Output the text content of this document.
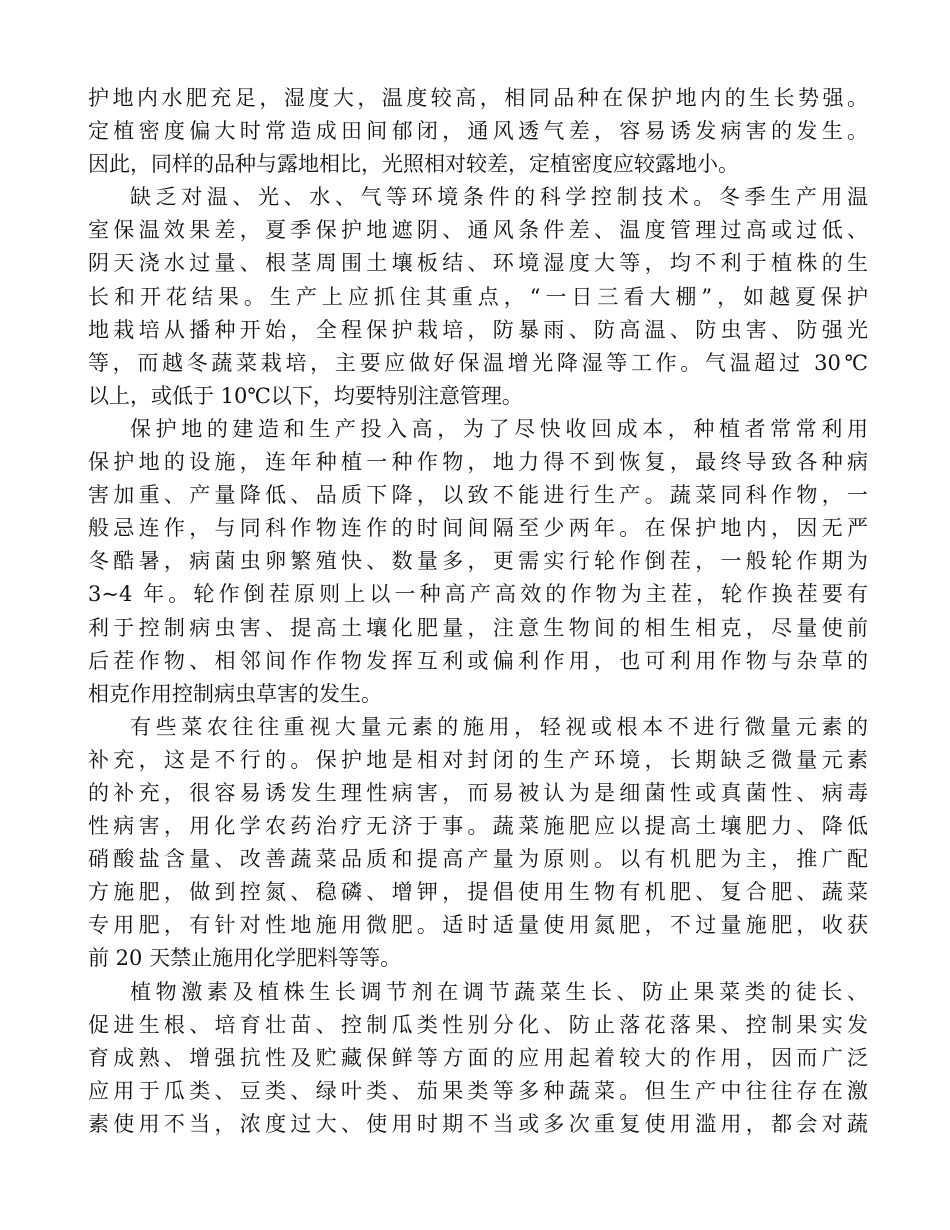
护地内水肥充足，湿度大，温度较高，相同品种在保护地内的生长势强。
定植密度偏大时常造成田间郁闭，通风透气差，容易诱发病害的发生。
因此，同样的品种与露地相比，光照相对较差，定植密度应较露地小。
缺乏对温、光、水、气等环境条件的科学控制技术。冬季生产用温
室保温效果差，夏季保护地遮阴、通风条件差、温度管理过高或过低、
阴天浇水过量、根茎周围土壤板结、环境湿度大等，均不利于植株的生
长和开花结果。生产上应抓住其重点，“一日三看大棚”，如越夏保护
地栽培从播种开始，全程保护栽培，防暴雨、防高温、防虫害、防强光
等，而越冬蔬菜栽培，主要应做好保温增光降湿等工作。气温超过 30℃
以上，或低于 10℃以下，均要特别注意管理。
保护地的建造和生产投入高，为了尽快收回成本，种植者常常利用
保护地的设施，连年种植一种作物，地力得不到恢复，最终导致各种病
害加重、产量降低、品质下降，以致不能进行生产。蔬菜同科作物，一
般忌连作，与同科作物连作的时间间隔至少两年。在保护地内，因无严
冬酷暑，病菌虫卵繁殖快、数量多，更需实行轮作倒茬，一般轮作期为
3~4 年。轮作倒茬原则上以一种高产高效的作物为主茬，轮作换茬要有
利于控制病虫害、提高土壤化肥量，注意生物间的相生相克，尽量使前
后茬作物、相邻间作作物发挥互利或偏利作用，也可利用作物与杂草的
相克作用控制病虫草害的发生。
有些菜农往往重视大量元素的施用，轻视或根本不进行微量元素的
补充，这是不行的。保护地是相对封闭的生产环境，长期缺乏微量元素
的补充，很容易诱发生理性病害，而易被认为是细菌性或真菌性、病毒
性病害，用化学农药治疗无济于事。蔬菜施肥应以提高土壤肥力、降低
硝酸盐含量、改善蔬菜品质和提高产量为原则。以有机肥为主，推广配
方施肥，做到控氮、稳磷、增钾，提倡使用生物有机肥、复合肥、蔬菜
专用肥，有针对性地施用微肥。适时适量使用氮肥，不过量施肥，收获
前 20 天禁止施用化学肥料等等。
植物激素及植株生长调节剂在调节蔬菜生长、防止果菜类的徒长、
促进生根、培育壮苗、控制瓜类性别分化、防止落花落果、控制果实发
育成熟、增强抗性及贮藏保鲜等方面的应用起着较大的作用，因而广泛
应用于瓜类、豆类、绿叶类、茄果类等多种蔬菜。但生产中往往存在激
素使用不当，浓度过大、使用时期不当或多次重复使用滥用，都会对蔬
